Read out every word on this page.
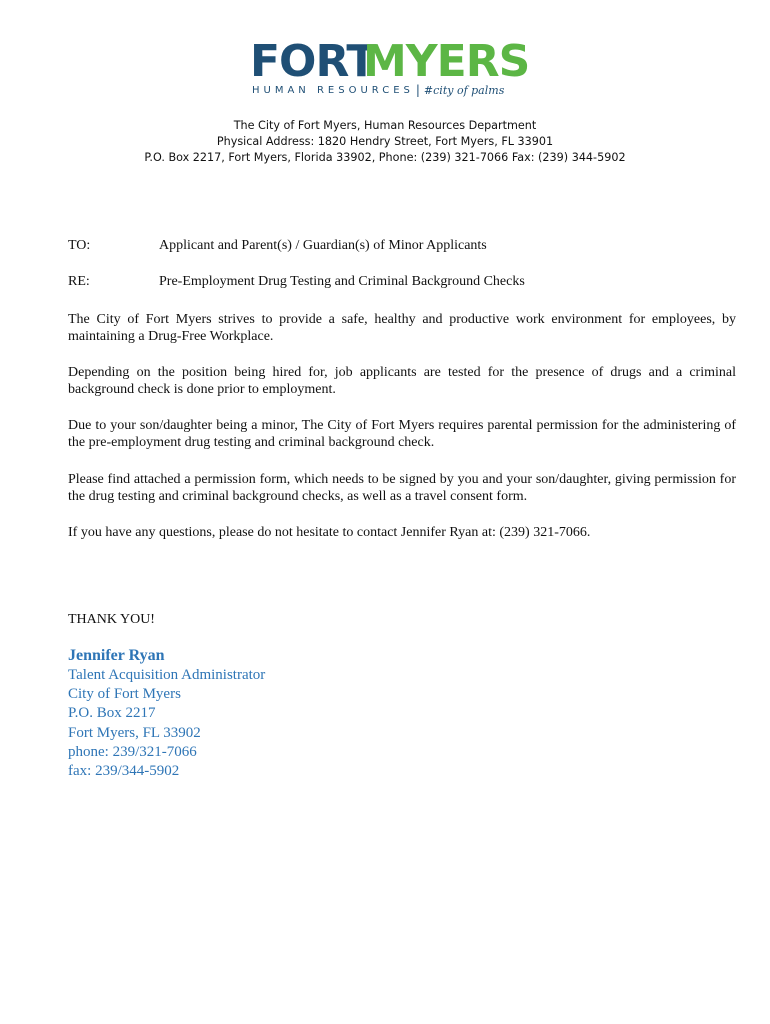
FORT
MYERS
HUMAN RESOURCES | #city of palms
The City of Fort Myers, Human Resources Department
Physical Address: 1820 Hendry Street, Fort Myers, FL 33901
P.O. Box 2217, Fort Myers, Florida 33902, Phone: (239) 321-7066 Fax: (239) 344-5902
TO:	Applicant and Parent(s) / Guardian(s) of Minor Applicants
RE:	Pre-Employment Drug Testing and Criminal Background Checks
The City of Fort Myers strives to provide a safe, healthy and productive work environment for employees, by maintaining a Drug-Free Workplace.
Depending on the position being hired for, job applicants are tested for the presence of drugs and a criminal background check is done prior to employment.
Due to your son/daughter being a minor, The City of Fort Myers requires parental permission for the administering of the pre-employment drug testing and criminal background check.
Please find attached a permission form, which needs to be signed by you and your son/daughter, giving permission for the drug testing and criminal background checks, as well as a travel consent form.
If you have any questions, please do not hesitate to contact Jennifer Ryan at: (239) 321-7066.
THANK YOU!
Jennifer Ryan
Talent Acquisition Administrator
City of Fort Myers
P.O. Box 2217
Fort Myers, FL 33902
phone: 239/321-7066
fax: 239/344-5902
